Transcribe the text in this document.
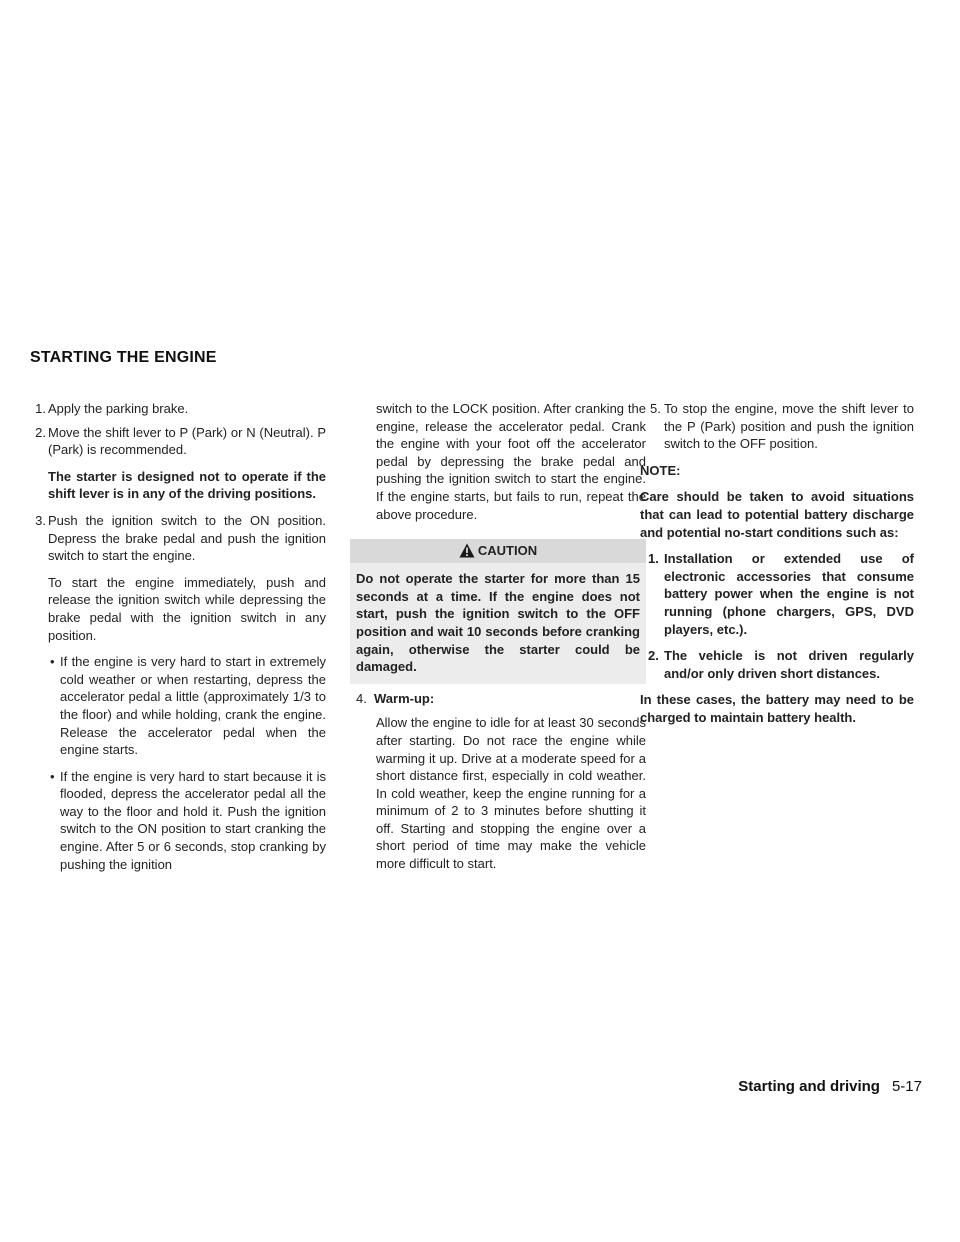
STARTING THE ENGINE
1. Apply the parking brake.
2. Move the shift lever to P (Park) or N (Neutral). P (Park) is recommended.

The starter is designed not to operate if the shift lever is in any of the driving positions.

3. Push the ignition switch to the ON position. Depress the brake pedal and push the ignition switch to start the engine.

To start the engine immediately, push and release the ignition switch while depressing the brake pedal with the ignition switch in any position.

• If the engine is very hard to start in extremely cold weather or when restarting, depress the accelerator pedal a little (approximately 1/3 to the floor) and while holding, crank the engine. Release the accelerator pedal when the engine starts.
• If the engine is very hard to start because it is flooded, depress the accelerator pedal all the way to the floor and hold it. Push the ignition switch to the ON position to start cranking the engine. After 5 or 6 seconds, stop cranking by pushing the ignition

switch to the LOCK position. After cranking the engine, release the accelerator pedal. Crank the engine with your foot off the accelerator pedal by depressing the brake pedal and pushing the ignition switch to start the engine. If the engine starts, but fails to run, repeat the above procedure.

CAUTION
Do not operate the starter for more than 15 seconds at a time. If the engine does not start, push the ignition switch to the OFF position and wait 10 seconds before cranking again, otherwise the starter could be damaged.
4. Warm-up:

Allow the engine to idle for at least 30 seconds after starting. Do not race the engine while warming it up. Drive at a moderate speed for a short distance first, especially in cold weather. In cold weather, keep the engine running for a minimum of 2 to 3 minutes before shutting it off. Starting and stopping the engine over a short period of time may make the vehicle more difficult to start.

5. To stop the engine, move the shift lever to the P (Park) position and push the ignition switch to the OFF position.

NOTE:

Care should be taken to avoid situations that can lead to potential battery discharge and potential no-start conditions such as:

1. Installation or extended use of electronic accessories that consume battery power when the engine is not running (phone chargers, GPS, DVD players, etc.).
2. The vehicle is not driven regularly and/or only driven short distances.

In these cases, the battery may need to be charged to maintain battery health.

Starting and driving 5-17
